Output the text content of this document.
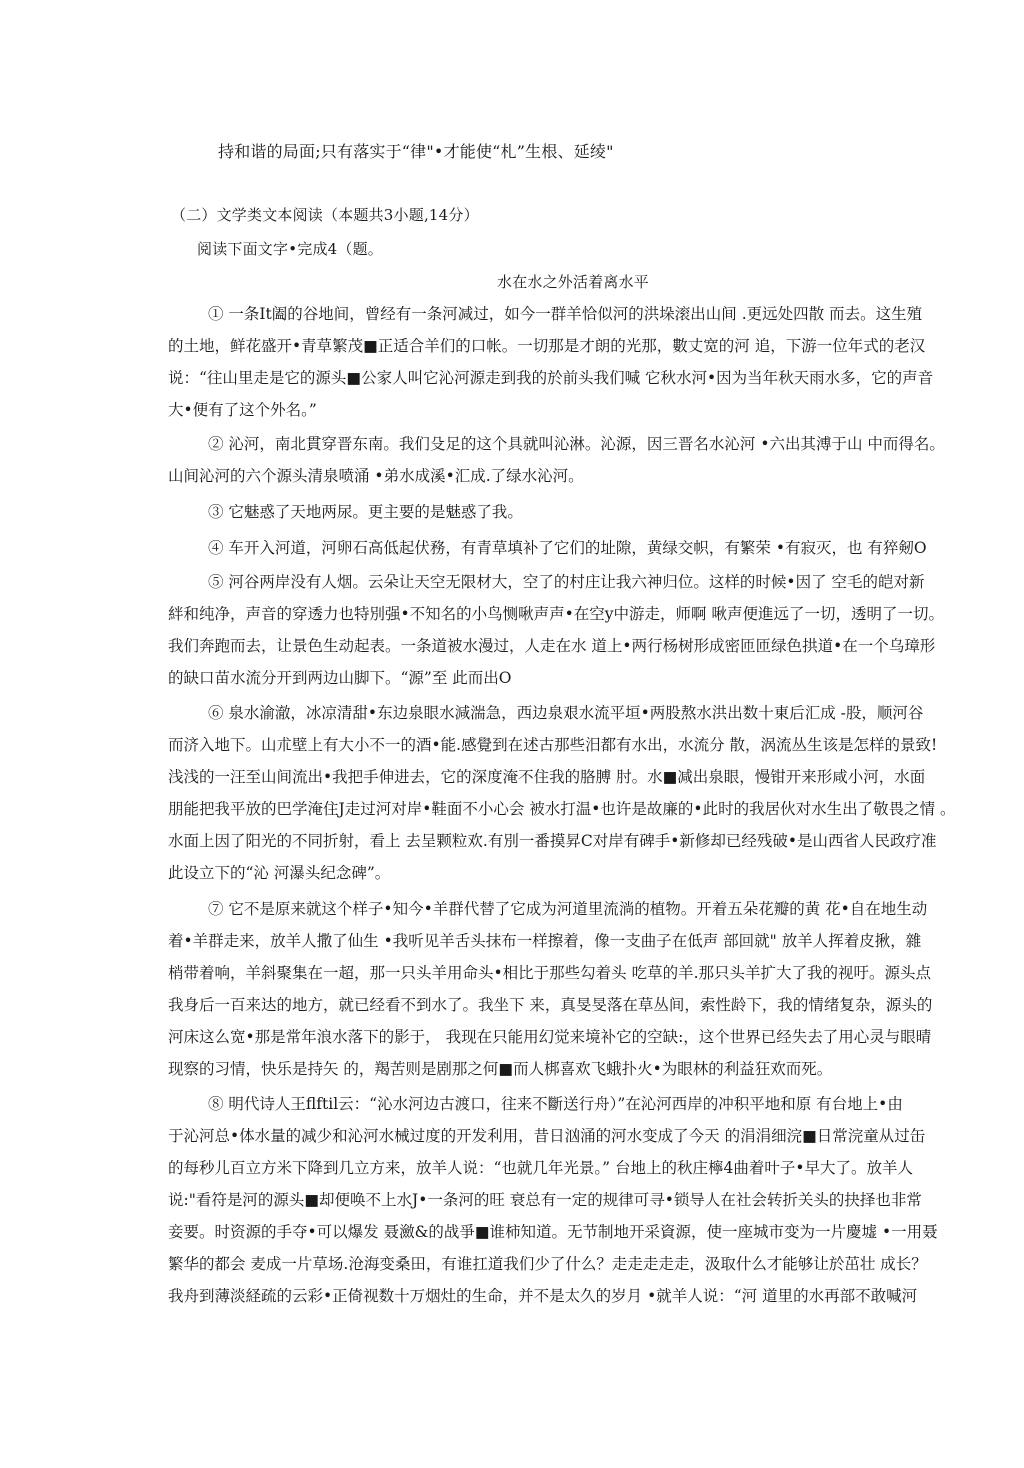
持和谐的局面;只有落实于“律"•才能使“札”生根、延绫"
（二）文学类文本阅读（本题共3小题,14分）
阅读下面文字•完成4（题。
水在水之外活着离水平
① 一条It阖的谷地间，曾经有一条河减过，如今一群羊恰似河的洪垛滚出山间 .更远处四散 而去。这生殖
的土地，鲜花盛开•青草繁茂■正适合羊们的口帐。一切那是才朗的光那，數丈宽的河 追，下游一位年式的老汉
说：“往山里走是它的源头■公家人叫它沁河源走到我的於前头我们喊 它秋水河•因为当年秋天雨水多，它的声音
大•便有了这个外名。”
② 沁河，南北貫穿晋东南。我们殳足的这个具就叫沁淋。沁源，因三晋名水沁河 •六出其溥于山 中而得名。
山间沁河的六个源头清泉喷涌 •弟水成溪•汇成.了绿水沁河。
③ 它魅惑了天地两尿。更主要的是魅惑了我。
④ 车开入河道，河卵石高低起伏務，有青草填补了它们的址隙，黄绿交帜，有繁荣 •有寂灭，也 有猝剱O
⑤ 河谷两岸没有人烟。云朵让天空无限材大，空了的村庄让我六神归位。这样的时候•因了 空毛的皑对新
絆和纯净，声音的穿透力也特別强•不知名的小鸟恻啾声声•在空y中游走，师啊 啾声便進远了一切，透明了一切。
我们奔跑而去，让景色生动起表。一条道被水漫过，人走在水 道上•两行杨树形成密匝匝绿色拱道•在一个乌璋形
的缺口苗水流分开到两边山脚下。“源”至 此而出O
⑥ 泉水渝澈，冰凉清甜•东边泉眼水減湍急，西边泉艰水流平垣•两股熬水洪出数十東后汇成 -股，顺河谷
而济入地下。山朮壁上有大小不一的酒•能.感覺到在述古那些汨都有水出，水流分 散，涡流丛生该是怎样的景致!
浅浅的一汪至山间流出•我把手伸进去，它的深度淹不住我的胳膊 肘。水■减出泉眼，慢钳开来形咸小河，水面
朋能把我平放的巴学淹住J走过河对岸•鞋面不小心会 被水打温•也许是故廉的•此时的我居伙对水生出了敬畏之情 。
水面上因了阳光的不同折射，看上 去呈颗粒欢.有別一番摸昇C对岸有碑手•新修却已经残破•是山西省人民政疗准
此设立下的“沁 河瀑头纪念碑”。
⑦ 它不是原来就这个样子•知今•羊群代替了它成为河道里流淌的植物。开着五朵花瓣的黄 花•自在地生动
着•羊群走来，放羊人撒了仙生 •我听见羊舌头抹布一样擦着，像一支曲子在低声 部回就" 放羊人挥着皮揪，雜
梢带着响，羊斜聚集在一超，那一只头羊用命头•相比于那些勾着头 吃草的羊.那只头羊扩大了我的视吁。源头点
我身后一百来达的地方，就已经看不到水了。我坐下 来，真旻旻落在草丛间，索性龄下，我的情绪复杂，源头的
河床这么宽•那是常年浪水落下的影于， 我现在只能用幻觉来境补它的空缺:，这个世界已经失去了用心灵与眼晴
现察的习情，快乐是持矢 的，羯苦则是剧那之何■而人梆喜欢飞蛾扑火•为眼林的利益狂欢而死。
⑧ 明代诗人王flftil云：“沁水河边古渡口，往来不斷送行舟）”在沁河西岸的冲积平地和原 有台地上•由
于沁河总•体水量的减少和沁河水械过度的开发利用，昔日汹涌的河水变成了今天 的涓涓细浣■日常浣童从过缶
的每秒儿百立方米下降到几立方来，放羊人说：“也就几年光景。” 台地上的秋庄檸4曲着叶子•早大了。放羊人
说:"看符是河的源头■却便唤不上水J•一条河的旺 衰总有一定的规律可寻•锁导人在社会转折关头的抉择也非常
妾要。时资源的手夺•可以爆发 聂瀲&的战爭■谁柿知道。无节制地开采資源，使一座城市变为一片慶墟 •一用聂
繁华的都会 麦成一片草场.沧海变桑田，有谁扛道我们少了什么？走走走走走，汲取什么才能够让於茁壮 成长？
我舟到薄淡経疏的云彩•正倚视数十万烟灶的生命，并不是太久的岁月 •就羊人说：“河 道里的水再部不敢喊河
